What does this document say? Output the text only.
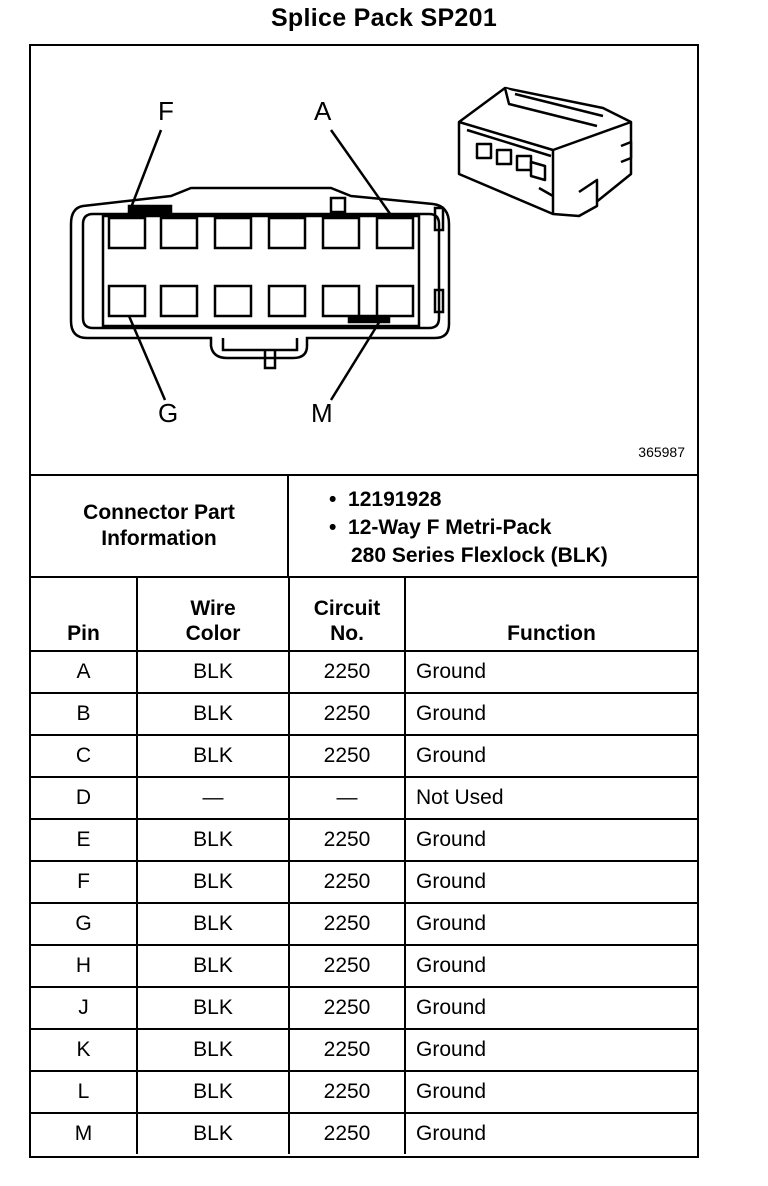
Splice Pack SP201
F	A
G	M
365987
Connector Part Information	
•  12191928
•  12-Way F Metri-Pack
280 Series Flexlock (BLK)
Pin	Wire Color	Circuit No.	Function
A	BLK	2250	Ground
B	BLK	2250	Ground
C	BLK	2250	Ground
D	—	—	Not Used
E	BLK	2250	Ground
F	BLK	2250	Ground
G	BLK	2250	Ground
H	BLK	2250	Ground
J	BLK	2250	Ground
K	BLK	2250	Ground
L	BLK	2250	Ground
M	BLK	2250	Ground
